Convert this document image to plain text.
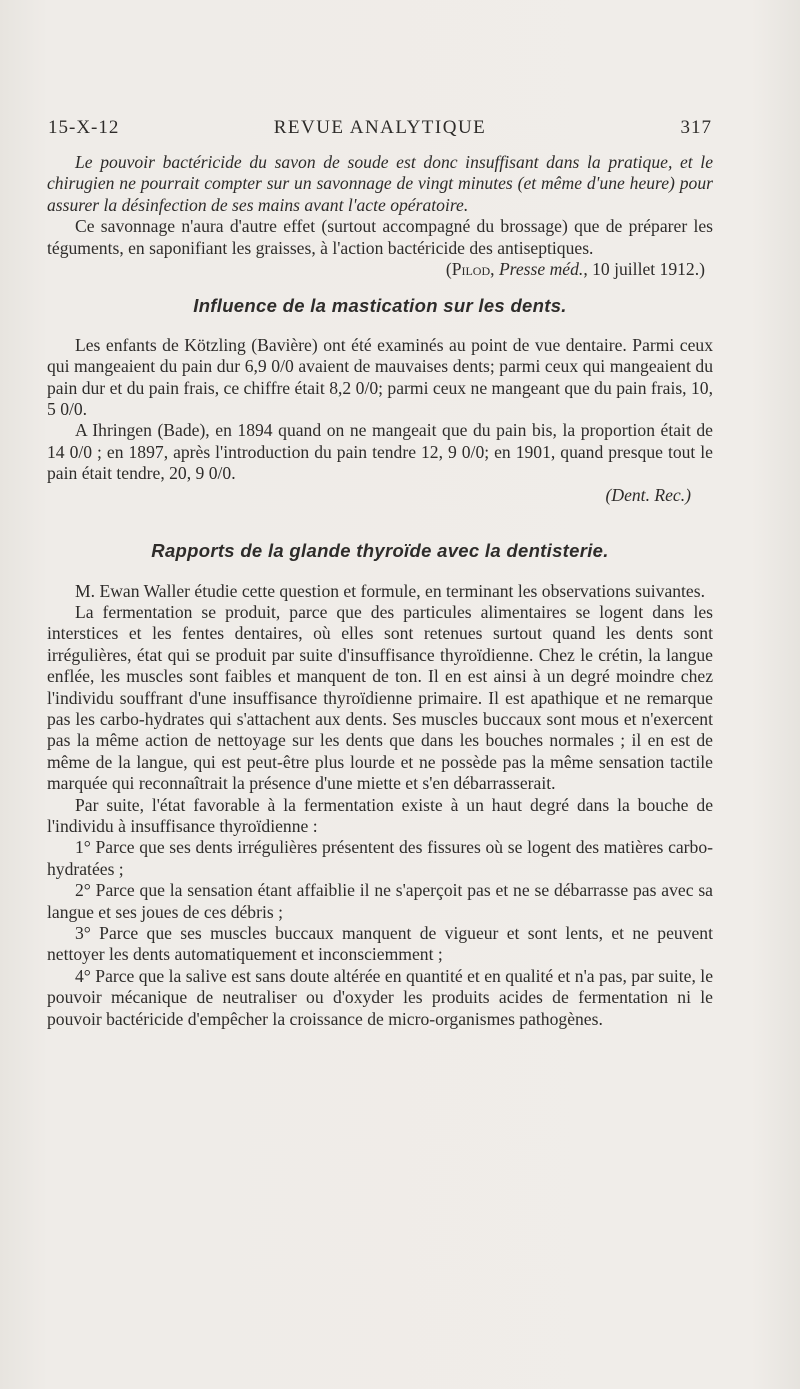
15-X-12	REVUE ANALYTIQUE	317

Le pouvoir bactéricide du savon de soude est donc insuffisant dans la pratique, et le chirugien ne pourrait compter sur un savonnage de vingt minutes (et même d'une heure) pour assurer la désinfection de ses mains avant l'acte opératoire.

Ce savonnage n'aura d'autre effet (surtout accompagné du brossage) que de préparer les téguments, en saponifiant les graisses, à l'action bactéricide des antiseptiques.

(Pilod, Presse méd., 10 juillet 1912.)

Influence de la mastication sur les dents.

Les enfants de Kötzling (Bavière) ont été examinés au point de vue dentaire. Parmi ceux qui mangeaient du pain dur 6,9 0/0 avaient de mauvaises dents; parmi ceux qui mangeaient du pain dur et du pain frais, ce chiffre était 8,2 0/0; parmi ceux ne mangeant que du pain frais, 10, 5 0/0.

A Ihringen (Bade), en 1894 quand on ne mangeait que du pain bis, la proportion était de 14 0/0 ; en 1897, après l'introduction du pain tendre 12, 9 0/0; en 1901, quand presque tout le pain était tendre, 20, 9 0/0.

(Dent. Rec.)

Rapports de la glande thyroïde avec la dentisterie.

M. Ewan Waller étudie cette question et formule, en terminant les observations suivantes.

La fermentation se produit, parce que des particules alimentaires se logent dans les interstices et les fentes dentaires, où elles sont retenues surtout quand les dents sont irrégulières, état qui se produit par suite d'insuffisance thyroïdienne. Chez le crétin, la langue enflée, les muscles sont faibles et manquent de ton. Il en est ainsi à un degré moindre chez l'individu souffrant d'une insuffisance thyroïdienne primaire. Il est apathique et ne remarque pas les carbo-hydrates qui s'attachent aux dents. Ses muscles buccaux sont mous et n'exercent pas la même action de nettoyage sur les dents que dans les bouches normales ; il en est de même de la langue, qui est peut-être plus lourde et ne possède pas la même sensation tactile marquée qui reconnaîtrait la présence d'une miette et s'en débarrasserait.

Par suite, l'état favorable à la fermentation existe à un haut degré dans la bouche de l'individu à insuffisance thyroïdienne :

1° Parce que ses dents irrégulières présentent des fissures où se logent des matières carbo-hydratées ;

2° Parce que la sensation étant affaiblie il ne s'aperçoit pas et ne se débarrasse pas avec sa langue et ses joues de ces débris ;

3° Parce que ses muscles buccaux manquent de vigueur et sont lents, et ne peuvent nettoyer les dents automatiquement et inconsciemment ;

4° Parce que la salive est sans doute altérée en quantité et en qualité et n'a pas, par suite, le pouvoir mécanique de neutraliser ou d'oxyder les produits acides de fermentation ni le pouvoir bactéricide d'empêcher la croissance de micro-organismes pathogènes.
